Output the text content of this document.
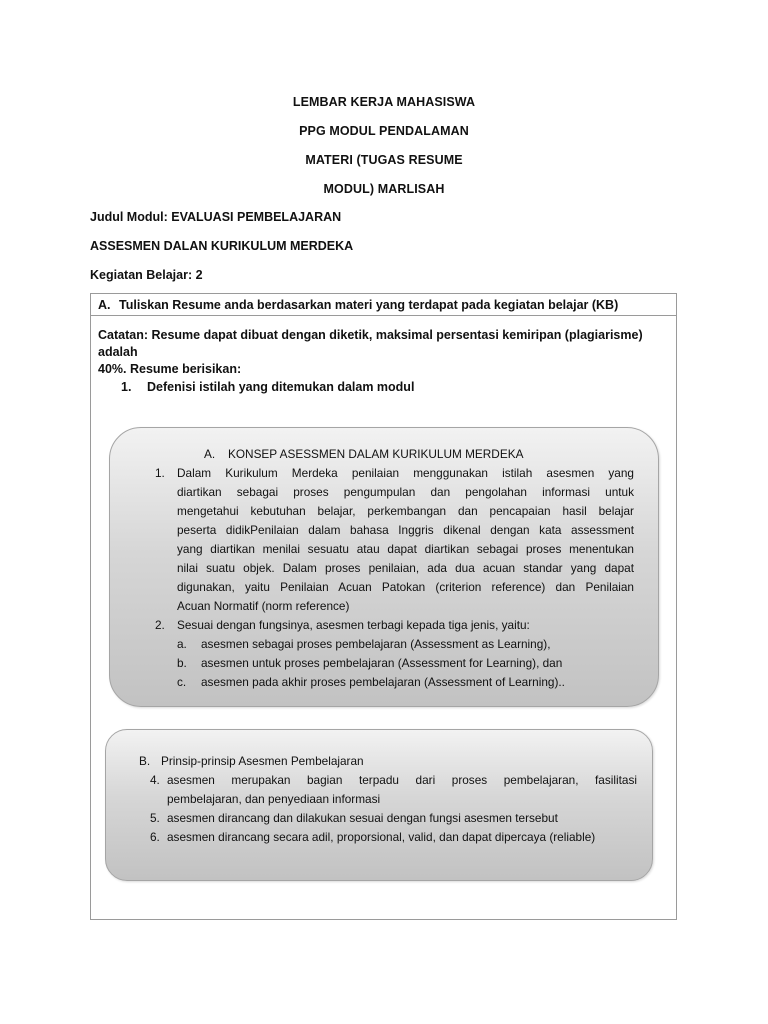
LEMBAR KERJA MAHASISWA
PPG MODUL PENDALAMAN
MATERI (TUGAS RESUME
MODUL) MARLISAH
Judul Modul: EVALUASI PEMBELAJARAN
ASSESMEN DALAN KURIKULUM MERDEKA
Kegiatan Belajar: 2
A. Tuliskan Resume anda berdasarkan materi yang terdapat pada kegiatan belajar (KB)
Catatan: Resume dapat dibuat dengan diketik, maksimal persentasi kemiripan (plagiarisme) adalah
40%. Resume berisikan:
1. Defenisi istilah yang ditemukan dalam modul
A. KONSEP ASESSMEN DALAM KURIKULUM MERDEKA
1. Dalam Kurikulum Merdeka penilaian menggunakan istilah asesmen yang
diartikan sebagai proses pengumpulan dan pengolahan informasi untuk
mengetahui kebutuhan belajar, perkembangan dan pencapaian hasil belajar
peserta didikPenilaian dalam bahasa Inggris dikenal dengan kata assessment
yang diartikan menilai sesuatu atau dapat diartikan sebagai proses menentukan
nilai suatu objek. Dalam proses penilaian, ada dua acuan standar yang dapat
digunakan, yaitu Penilaian Acuan Patokan (criterion reference) dan Penilaian
Acuan Normatif (norm reference)
2. Sesuai dengan fungsinya, asesmen terbagi kepada tiga jenis, yaitu:
a. asesmen sebagai proses pembelajaran (Assessment as Learning),
b. asesmen untuk proses pembelajaran (Assessment for Learning), dan
c. asesmen pada akhir proses pembelajaran (Assessment of Learning)..
B. Prinsip-prinsip Asesmen Pembelajaran
4. asesmen merupakan bagian terpadu dari proses pembelajaran, fasilitasi
pembelajaran, dan penyediaan informasi
5. asesmen dirancang dan dilakukan sesuai dengan fungsi asesmen tersebut
6. asesmen dirancang secara adil, proporsional, valid, dan dapat dipercaya (reliable)
